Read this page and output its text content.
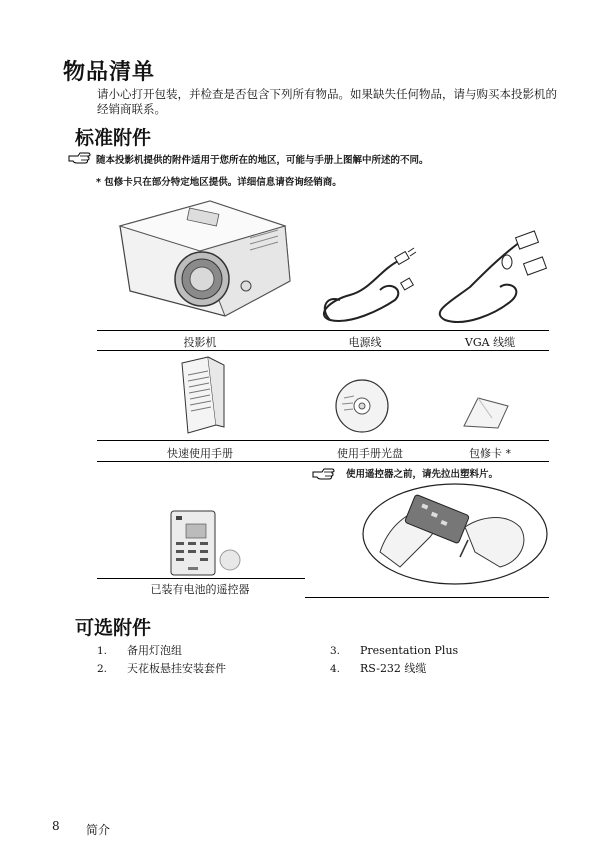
物品清单
请小心打开包装，并检查是否包含下列所有物品。如果缺失任何物品，请与购买本投影机的经销商联系。
标准附件
随本投影机提供的附件适用于您所在的地区，可能与手册上图解中所述的不同。
* 包修卡只在部分特定地区提供。详细信息请咨询经销商。
投影机	电源线	VGA 线缆
快速使用手册	使用手册光盘	包修卡 *
已装有电池的遥控器
使用遥控器之前，请先拉出塑料片。
可选附件
1. 备用灯泡组
2. 天花板悬挂安装套件
3. Presentation Plus
4. RS-232 线缆
8 简介
